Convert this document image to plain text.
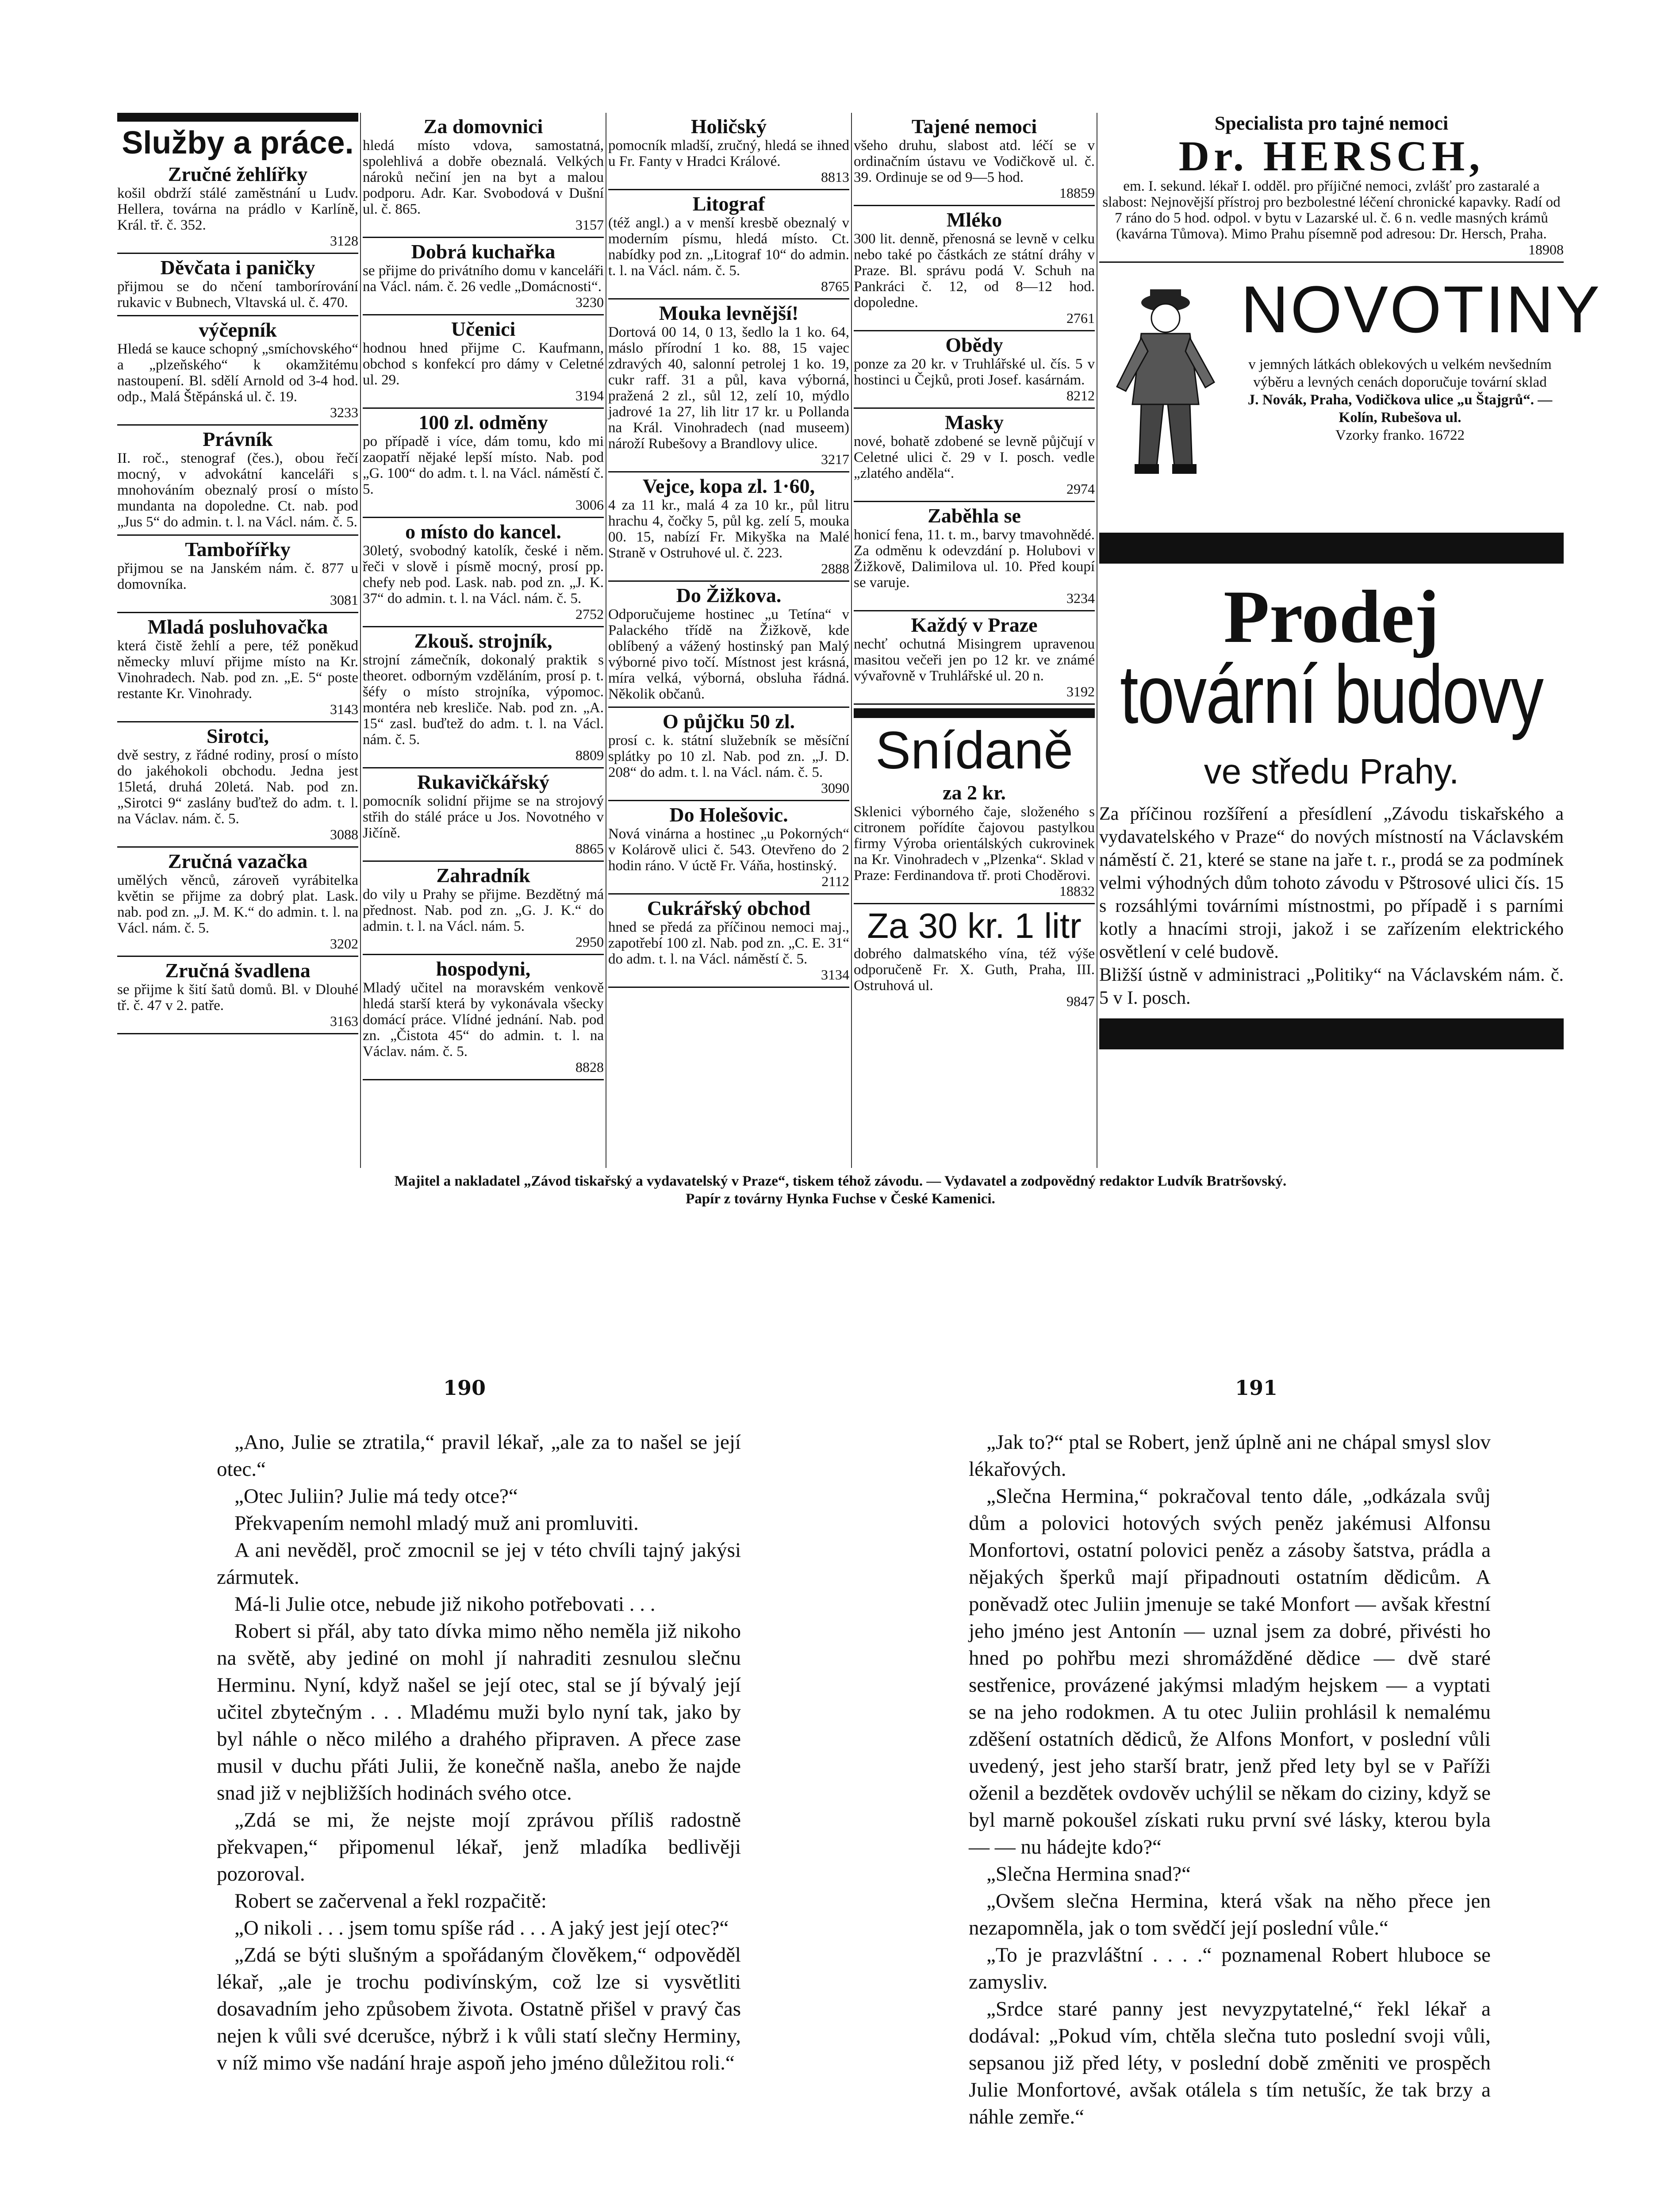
Služby a práce.
Zručné žehlířky

košil obdrží stálé zaměstnání u Ludv. Hellera, továrna na prádlo v Karlíně, Král. tř. č. 352.

3128

Děvčata i paničky

přijmou se do nčení tamborírování rukavic v Bubnech, Vltavská ul. č. 470.

výčepník

Hledá se kauce schopný „smíchovského“ a „plzeňského“ k okamžitému nastoupení. Bl. sdělí Arnold od 3-4 hod. odp., Malá Štěpánská ul. č. 19.

3233

Právník

II. roč., stenograf (čes.), obou řečí mocný, v advokátní kanceláři s mnohováním obeznalý prosí o místo mundanta na dopoledne. Ct. nab. pod „Jus 5“ do admin. t. l. na Václ. nám. č. 5.

Tambořířky

přijmou se na Janském nám. č. 877 u domovníka.

3081

Mladá posluhovačka

která čistě žehlí a pere, též poněkud německy mluví přijme místo na Kr. Vinohradech. Nab. pod zn. „E. 5“ poste restante Kr. Vinohrady.

3143

Sirotci,

dvě sestry, z řádné rodiny, prosí o místo do jakéhokoli obchodu. Jedna jest 15letá, druhá 20letá. Nab. pod zn. „Sirotci 9“ zaslány buďtež do adm. t. l. na Václav. nám. č. 5.

3088

Zručná vazačka

umělých věnců, zároveň vyrábitelka květin se přijme za dobrý plat. Lask. nab. pod zn. „J. M. K.“ do admin. t. l. na Václ. nám. č. 5.

3202

Zručná švadlena

se přijme k šití šatů domů. Bl. v Dlouhé tř. č. 47 v 2. patře.

3163

Za domovnici

hledá místo vdova, samostatná, spolehlivá a dobře obeznalá. Velkých nároků nečiní jen na byt a malou podporu. Adr. Kar. Svobodová v Dušní ul. č. 865.

3157

Dobrá kuchařka

se přijme do privátního domu v kanceláři na Václ. nám. č. 26 vedle „Domácnosti“.

3230

Učenici

hodnou hned přijme C. Kaufmann, obchod s konfekcí pro dámy v Celetné ul. 29.

3194

100 zl. odměny

po případě i více, dám tomu, kdo mi zaopatří nějaké lepší místo. Nab. pod „G. 100“ do adm. t. l. na Václ. náměstí č. 5.

3006

o místo do kancel.

30letý, svobodný katolík, české i něm. řeči v slově i písmě mocný, prosí pp. chefy neb pod. Lask. nab. pod zn. „J. K. 37“ do admin. t. l. na Václ. nám. č. 5.

2752

Zkouš. strojník,

strojní zámečník, dokonalý praktik s theoret. odborným vzděláním, prosí p. t. šéfy o místo strojníka, výpomoc. montéra neb kresliče. Nab. pod zn. „A. 15“ zasl. buďtež do adm. t. l. na Václ. nám. č. 5.

8809

Rukavičkářský

pomocník solidní přijme se na strojový střih do stálé práce u Jos. Novotného v Jičíně.

8865

Zahradník

do vily u Prahy se přijme. Bezdětný má přednost. Nab. pod zn. „G. J. K.“ do admin. t. l. na Václ. nám. 5.

2950

hospodyni,

Mladý učitel na moravském venkově hledá starší která by vykonávala všecky domácí práce. Vlídné jednání. Nab. pod zn. „Čistota 45“ do admin. t. l. na Václav. nám. č. 5.

8828

Holičský

pomocník mladší, zručný, hledá se ihned u Fr. Fanty v Hradci Králové.

8813

Litograf

(též angl.) a v menší kresbě obeznalý v moderním písmu, hledá místo. Ct. nabídky pod zn. „Litograf 10“ do admin. t. l. na Václ. nám. č. 5.

8765

Mouka levnější!

Dortová 00 14, 0 13, šedlo la 1 ko. 64, máslo přírodní 1 ko. 88, 15 vajec zdravých 40, salonní petrolej 1 ko. 19, cukr raff. 31 a půl, kava výborná, pražená 2 zl., sůl 12, zelí 10, mýdlo jadrové 1a 27, lih litr 17 kr. u Pollanda na Král. Vinohradech (nad museem) nároží Rubešovy a Brandlovy ulice.

3217

Vejce, kopa zl. 1·60,

4 za 11 kr., malá 4 za 10 kr., půl litru hrachu 4, čočky 5, půl kg. zelí 5, mouka 00. 15, nabízí Fr. Mikyška na Malé Straně v Ostruhové ul. č. 223.

2888

Do Žižkova.

Odporučujeme hostinec „u Tetína“ v Palackého třídě na Žižkově, kde oblíbený a vážený hostinský pan Malý výborné pivo točí. Místnost jest krásná, míra velká, výborná, obsluha řádná. Několik občanů.

O půjčku 50 zl.

prosí c. k. státní služebník se měsíční splátky po 10 zl. Nab. pod zn. „J. D. 208“ do adm. t. l. na Václ. nám. č. 5.

3090

Do Holešovic.

Nová vinárna a hostinec „u Pokorných“ v Kolárově ulici č. 543. Otevřeno do 2 hodin ráno. V úctě Fr. Váňa, hostinský.

2112

Cukrářský obchod

hned se předá za příčinou nemoci maj., zapotřebí 100 zl. Nab. pod zn. „C. E. 31“ do adm. t. l. na Václ. náměstí č. 5.

3134

Tajené nemoci

všeho druhu, slabost atd. léčí se v ordinačním ústavu ve Vodičkově ul. č. 39. Ordinuje se od 9—5 hod.

18859

Mléko

300 lit. denně, přenosná se levně v celku nebo také po částkách ze státní dráhy v Praze. Bl. správu podá V. Schuh na Pankráci č. 12, od 8—12 hod. dopoledne.

2761

Obědy

ponze za 20 kr. v Truhlářské ul. čís. 5 v hostinci u Čejků, proti Josef. kasárnám.

8212

Masky

nové, bohatě zdobené se levně půjčují v Celetné ulici č. 29 v I. posch. vedle „zlatého anděla“.

2974

Zaběhla se

honicí fena, 11. t. m., barvy tmavohnědé. Za odměnu k odevzdání p. Holubovi v Žižkově, Dalimilova ul. 10. Před koupí se varuje.

3234

Každý v Praze

nechť ochutná Misingrem upravenou masitou večeři jen po 12 kr. ve známé vývařovně v Truhlářské ul. 20 n.

3192

Snídaně
za 2 kr.

Sklenici výborného čaje, složeného s citronem pořídíte čajovou pastylkou firmy Výroba orientálských cukrovinek na Kr. Vinohradech v „Plzenka“. Sklad v Praze: Ferdinandova tř. proti Choděrovi.

18832

Za 30 kr. 1 litr

dobrého dalmatského vína, též výše odporučeně Fr. X. Guth, Praha, III. Ostruhová ul.

9847

Specialista pro tajné nemoci
Dr. HERSCH,
em. I. sekund. lékař I. odděl. pro příjičné nemoci, zvlášť pro zastaralé a slabost: Nejnovější přístroj pro bezbolestné léčení chronické kapavky. Radí od 7 ráno do 5 hod. odpol. v bytu v Lazarské ul. č. 6 n. vedle masných krámů (kavárna Tůmova). Mimo Prahu písemně pod adresou: Dr. Hersch, Praha.
18908
NOVOTINY
v jemných látkách oblekových u velkém nevšedním výběru a levných cenách doporučuje tovární sklad
J. Novák, Praha, Vodičkova ulice „u Štajgrů“. — Kolín, Rubešova ul.
Vzorky franko. 16722
Prodej
tovární budovy
ve středu Prahy.
Za příčinou rozšíření a přesídlení „Závodu tiskařského a vydavatelského v Praze“ do nových místností na Václavském náměstí č. 21, které se stane na jaře t. r., prodá se za podmínek velmi výhodných dům tohoto závodu v Pštrosové ulici čís. 15 s rozsáhlými továrními místnostmi, po případě i s parními kotly a hnacími stroji, jakož i se zařízením elektrického osvětlení v celé budově.
Bližší ústně v administraci „Politiky“ na Václavském nám. č. 5 v I. posch.
Majitel a nakladatel „Závod tiskařský a vydavatelský v Praze“, tiskem téhož závodu. — Vydavatel a zodpovědný redaktor Ludvík Bratršovský.
Papír z továrny Hynka Fuchse v České Kamenici.
190	191

„Ano, Julie se ztratila,“ pravil lékař, „ale za to našel se její otec.“

„Otec Juliin? Julie má tedy otce?“

Překvapením nemohl mladý muž ani promluviti.

A ani nevěděl, proč zmocnil se jej v této chvíli tajný jakýsi zármutek.

Má-li Julie otce, nebude již nikoho potřebovati . . .

Robert si přál, aby tato dívka mimo něho neměla již nikoho na světě, aby jediné on mohl jí nahraditi zesnulou slečnu Herminu. Nyní, když našel se její otec, stal se jí bývalý její učitel zbytečným . . . Mladému muži bylo nyní tak, jako by byl náhle o něco milého a drahého připraven. A přece zase musil v duchu přáti Julii, že konečně našla, anebo že najde snad již v nejbližších hodinách svého otce.

„Zdá se mi, že nejste mojí zprávou příliš radostně překvapen,“ připomenul lékař, jenž mladíka bedlivěji pozoroval.

Robert se začervenal a řekl rozpačitě:

„O nikoli . . . jsem tomu spíše rád . . . A jaký jest její otec?“

„Zdá se býti slušným a spořádaným člověkem,“ odpověděl lékař, „ale je trochu podivínským, což lze si vysvětliti dosavadním jeho způsobem života. Ostatně přišel v pravý čas nejen k vůli své dcerušce, nýbrž i k vůli statí slečny Herminy, v níž mimo vše nadání hraje aspoň jeho jméno důležitou roli.“

„Jak to?“ ptal se Robert, jenž úplně ani ne chápal smysl slov lékařových.

„Slečna Hermina,“ pokračoval tento dále, „odkázala svůj dům a polovici hotových svých peněz jakémusi Alfonsu Monfortovi, ostatní polovici peněz a zásoby šatstva, prádla a nějakých šperků mají připadnouti ostatním dědicům. A poněvadž otec Juliin jmenuje se také Monfort — avšak křestní jeho jméno jest Antonín — uznal jsem za dobré, přivésti ho hned po pohřbu mezi shromážděné dědice — dvě staré sestřenice, provázené jakýmsi mladým hejskem — a vyptati se na jeho rodokmen. A tu otec Juliin prohlásil k nemalému zděšení ostatních dědiců, že Alfons Monfort, v poslední vůli uvedený, jest jeho starší bratr, jenž před lety byl se v Paříži oženil a bezdětek ovdověv uchýlil se někam do ciziny, když se byl marně pokoušel získati ruku první své lásky, kterou byla — — nu hádejte kdo?“

„Slečna Hermina snad?“

„Ovšem slečna Hermina, která však na něho přece jen nezapomněla, jak o tom svědčí její poslední vůle.“

„To je prazvláštní . . . .“ poznamenal Robert hluboce se zamysliv.

„Srdce staré panny jest nevyzpytatelné,“ řekl lékař a dodával: „Pokud vím, chtěla slečna tuto poslední svoji vůli, sepsanou již před léty, v poslední době změniti ve prospěch Julie Monfortové, avšak otálela s tím netušíc, že tak brzy a náhle zemře.“
